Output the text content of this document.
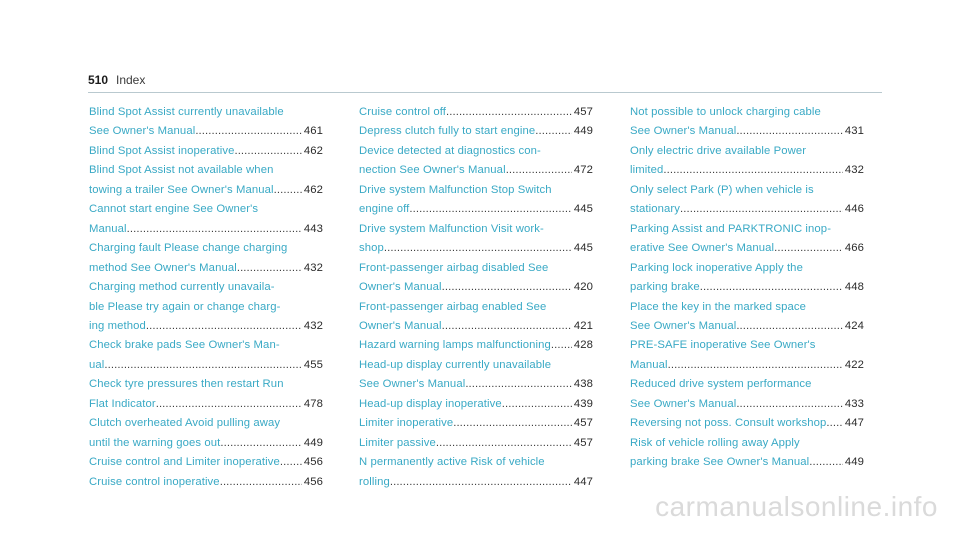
510 Index
Blind Spot Assist currently unavailable
See Owner's Manual .....	461
Blind Spot Assist inoperative .....	462
Blind Spot Assist not available when
towing a trailer See Owner's Manual .....	462
Cannot start engine See Owner's
Manual .....	443
Charging fault Please change charging
method See Owner's Manual .....	432
Charging method currently unavaila-
ble Please try again or change charg-
ing method .....	432
Check brake pads See Owner's Man-
ual .....	455
Check tyre pressures then restart Run
Flat Indicator .....	478
Clutch overheated Avoid pulling away
until the warning goes out .....	449
Cruise control and Limiter inoperative ..... 456
Cruise control inoperative .....	456
Cruise control off .....	457
Depress clutch fully to start engine .....	449
Device detected at diagnostics con-
nection See Owner's Manual .....	472
Drive system Malfunction Stop Switch
engine off .....	445
Drive system Malfunction Visit work-
shop .....	445
Front-passenger airbag disabled See
Owner's Manual .....	420
Front-passenger airbag enabled See
Owner's Manual .....	421
Hazard warning lamps malfunctioning ..... 428
Head-up display currently unavailable
See Owner's Manual .....	438
Head-up display inoperative .....	439
Limiter inoperative .....	457
Limiter passive .....	457
N permanently active Risk of vehicle
rolling .....	447
Not possible to unlock charging cable
See Owner's Manual .....	431
Only electric drive available Power
limited .....	432
Only select Park (P) when vehicle is
stationary .....	446
Parking Assist and PARKTRONIC inop-
erative See Owner's Manual .....	466
Parking lock inoperative Apply the
parking brake .....	448
Place the key in the marked space
See Owner's Manual .....	424
PRE-SAFE inoperative See Owner's
Manual .....	422
Reduced drive system performance
See Owner's Manual .....	433
Reversing not poss. Consult workshop ..... 447
Risk of vehicle rolling away Apply
parking brake See Owner's Manual .....	449
carmanualsonline.info
